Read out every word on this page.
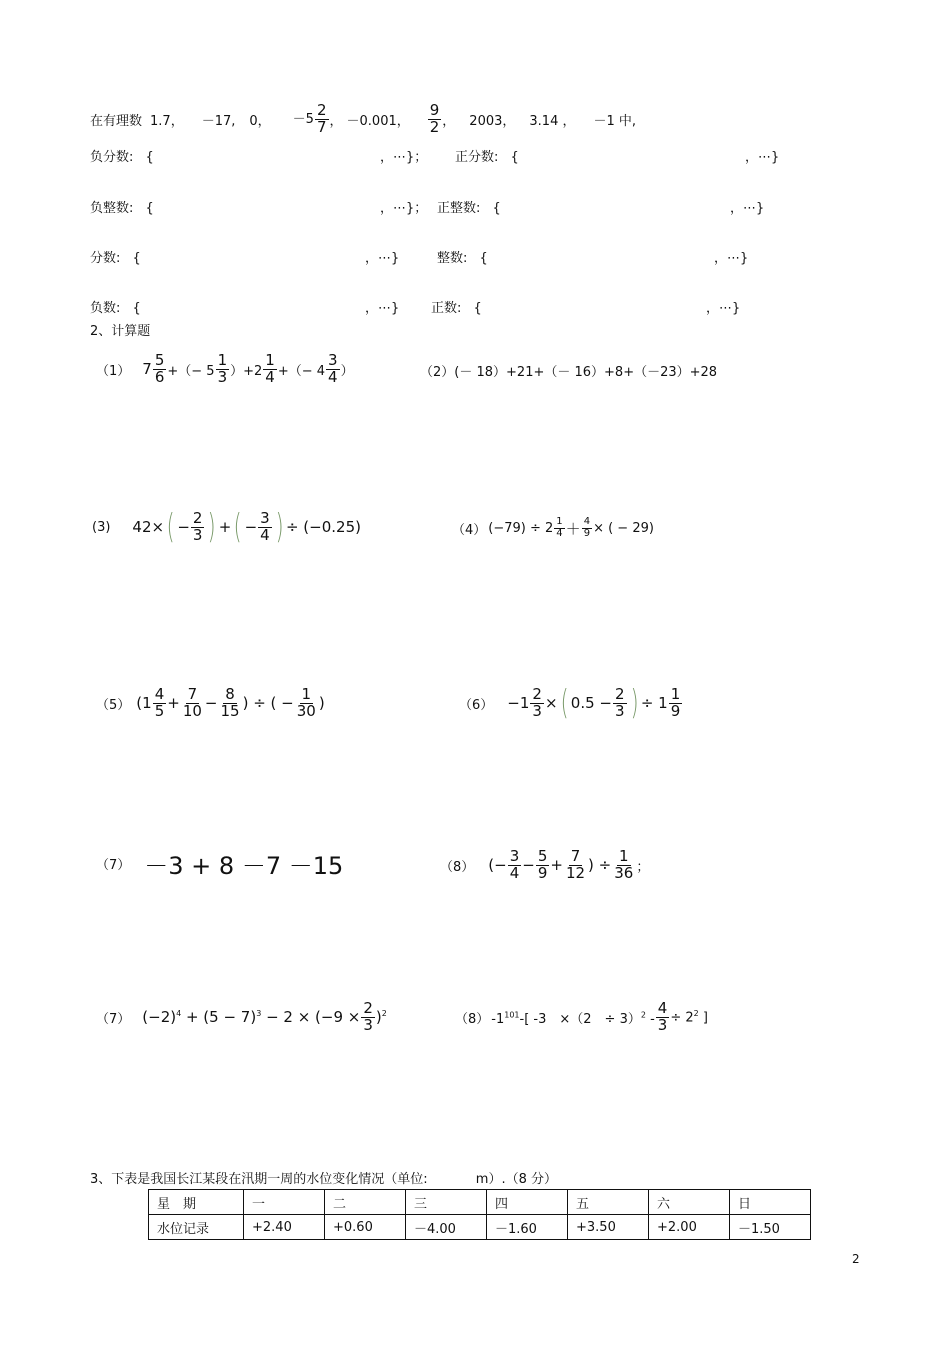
在有理数 1.7， －17, 0， $-5 \frac{2}{7}$ ， －0.001， $\frac{9}{2}$ ， 2003， 3.14 ， －1 中,
负分数: {	，⋯}； 正分数: {	，⋯}
负整数: {	，⋯}； 正整数: {	，⋯}
分数: {	，⋯}	整数: {	，⋯}
负数: {	，⋯} 正数: {	，⋯}
2、计算题
（1） $7 \frac{5}{6}$ +（− $5 \frac{1}{3} )+2 \frac{1}{4}$ +（− $4 \frac{3}{4}$ ）	（2）(－ 18）+21+（－ 16）+8+（－23）+28
(3) 42× ( − $\frac{2}{3}$ ) + ( − $\frac{3}{4}$ ) ÷ (−0.25)	（4） $(-79) \div 2 \frac{1}{4} + \frac{4}{9}$ × ( − 29)
（5） ($1 \frac{4}{5} + \frac{7}{10} - \frac{8}{15}$ ) ÷ ( − $\frac{1}{30}$ )	$(6) -1 \frac{2}{3}$ × ( $0.5 - \frac{2}{3}$ ) ÷ $1 \frac{1}{9}$
（7） －3 + 8 －7 －15	（8） (− $\frac{3}{4} - \frac{5}{9} + \frac{7}{12}$ ) ÷ $\frac{1}{36}$ ；
（7） $(-2)^4 + (5 - 7)^3 - 2 \times (-9 \times \frac{2}{3} )^2$	（8） $-1^{101}-$[ -3　×（2　÷ $3)^2 - \frac{4}{3} \div 2^2$ ]
3、下表是我国长江某段在汛期一周的水位变化情况（单位:	m）.（8 分）
星　期	一	二	三	四	五	六	日
水位记录	+2.40	+0.60	－4.00	－1.60	+3.50	+2.00	－1.50
2
